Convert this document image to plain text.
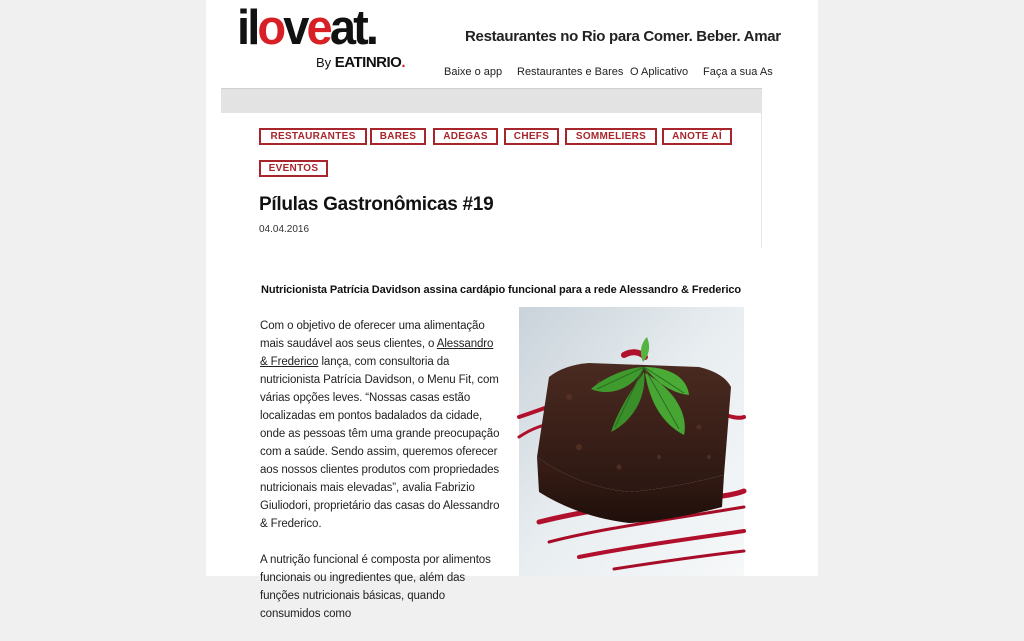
iloveat.
By EATINRIO.
Restaurantes no Rio para Comer. Beber. Amar
Baixe o app Restaurantes e Bares O Aplicativo Faça a sua As
RESTAURANTES	BARES	ADEGAS	CHEFS	SOMMELIERS	ANOTE AÍ
EVENTOS
Pílulas Gastronômicas #19
04.04.2016
Nutricionista Patrícia Davidson assina cardápio funcional para a rede Alessandro & Frederico

Com o objetivo de oferecer uma alimentação mais saudável aos seus clientes, o Alessandro & Frederico lança, com consultoria da nutricionista Patrícia Davidson, o Menu Fit, com várias opções leves. “Nossas casas estão localizadas em pontos badalados da cidade, onde as pessoas têm uma grande preocupação com a saúde. Sendo assim, queremos oferecer aos nossos clientes produtos com propriedades nutricionais mais elevadas”, avalia Fabrizio Giuliodori, proprietário das casas do Alessandro & Frederico.

A nutrição funcional é composta por alimentos funcionais ou ingredientes que, além das funções nutricionais básicas, quando consumidos como
